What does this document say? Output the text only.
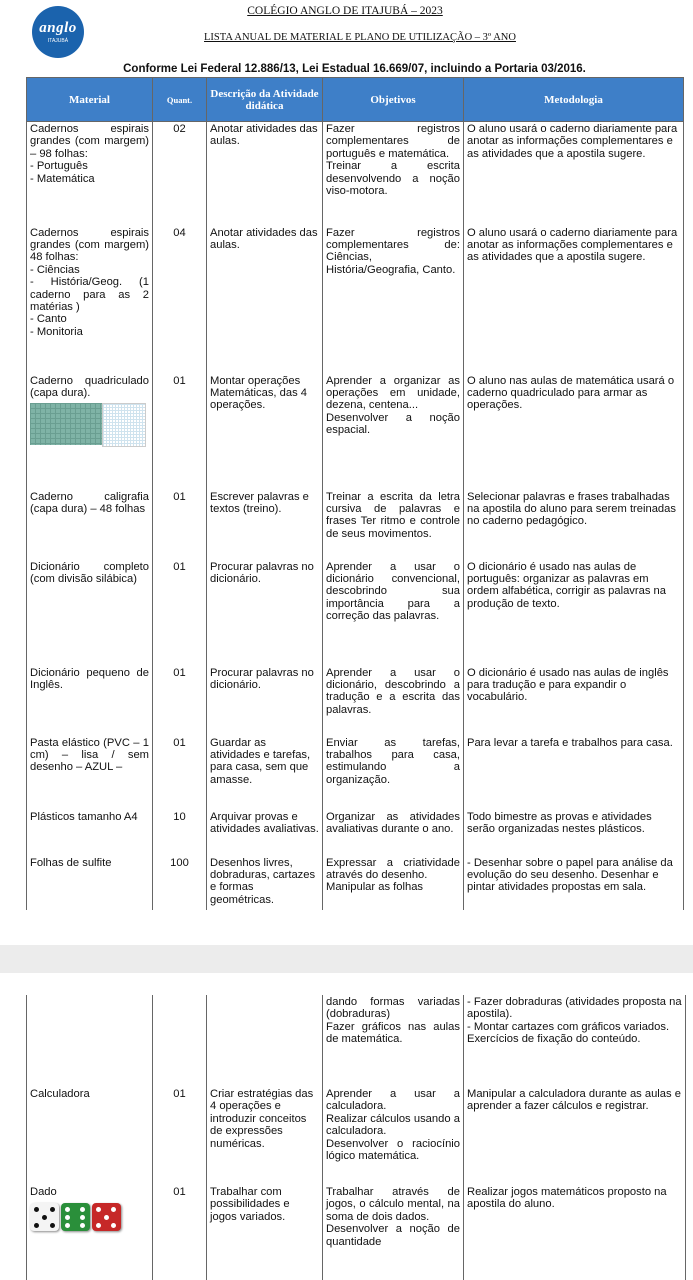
anglo
ITAJUBÁ
COLÉGIO ANGLO DE ITAJUBÁ – 2023
LISTA ANUAL DE MATERIAL E PLANO DE UTILIZAÇÃO – 3º ANO
Conforme Lei Federal 12.886/13, Lei Estadual 16.669/07, incluindo a Portaria 03/2016.
Material	Quant.	Descrição da Atividade didática	Objetivos	Metodologia

Cadernos espirais grandes (com margem) – 98 folhas:
- Português
- Matemática	02	Anotar atividades das aulas.	Fazer registros complementares de português e matemática.
Treinar a escrita desenvolvendo a noção viso-motora.	O aluno usará o caderno diariamente para anotar as informações complementares e as atividades que a apostila sugere.

Cadernos espirais grandes (com margem) 48 folhas:
- Ciências
- História/Geog. (1 caderno para as 2 matérias )
- Canto
- Monitoria	04	Anotar atividades das aulas.	Fazer registros complementares de: Ciências, História/Geografia, Canto.	O aluno usará o caderno diariamente para anotar as informações complementares e as atividades que a apostila sugere.

Caderno quadriculado (capa dura).	01	Montar operações Matemáticas, das 4 operações.	Aprender a organizar as operações em unidade, dezena, centena...
Desenvolver a noção espacial.	O aluno nas aulas de matemática usará o caderno quadriculado para armar as operações.

Caderno caligrafia (capa dura) – 48 folhas	01	Escrever palavras e textos (treino).	Treinar a escrita da letra cursiva de palavras e frases Ter ritmo e controle de seus movimentos.	Selecionar palavras e frases trabalhadas na apostila do aluno para serem treinadas no caderno pedagógico.

Dicionário completo (com divisão silábica)	01	Procurar palavras no dicionário.	Aprender a usar o dicionário convencional, descobrindo sua importância para a correção das palavras.	O dicionário é usado nas aulas de português: organizar as palavras em ordem alfabética, corrigir as palavras na produção de texto.

Dicionário pequeno de Inglês.	01	Procurar palavras no dicionário.	Aprender a usar o dicionário, descobrindo a tradução e a escrita das palavras.	O dicionário é usado nas aulas de inglês para tradução e para expandir o vocabulário.

Pasta elástico (PVC – 1 cm) – lisa / sem desenho – AZUL –	01	Guardar as atividades e tarefas, para casa, sem que amasse.	Enviar as tarefas, trabalhos para casa, estimulando a organização.	Para levar a tarefa e trabalhos para casa.

Plásticos tamanho A4	10	Arquivar provas e atividades avaliativas.	Organizar as atividades avaliativas durante o ano.	Todo bimestre as provas e atividades serão organizadas nestes plásticos.

Folhas de sulfite	100	Desenhos livres, dobraduras, cartazes e formas geométricas.	Expressar a criatividade através do desenho.
Manipular as folhas	- Desenhar sobre o papel para análise da evolução do seu desenho. Desenhar e pintar atividades propostas em sala.

			dando formas variadas (dobraduras)
Fazer gráficos nas aulas de matemática.	- Fazer dobraduras (atividades proposta na apostila).
- Montar cartazes com gráficos variados. Exercícios de fixação do conteúdo.

Calculadora	01	Criar estratégias das 4 operações e introduzir conceitos de expressões numéricas.	Aprender a usar a calculadora.
Realizar cálculos usando a calculadora.
Desenvolver o raciocínio lógico matemática.	Manipular a calculadora durante as aulas e aprender a fazer cálculos e registrar.

Dado	01	Trabalhar com possibilidades e jogos variados.	Trabalhar através de jogos, o cálculo mental, na soma de dois dados.
Desenvolver a noção de quantidade	Realizar jogos matemáticos proposto na apostila do aluno.
